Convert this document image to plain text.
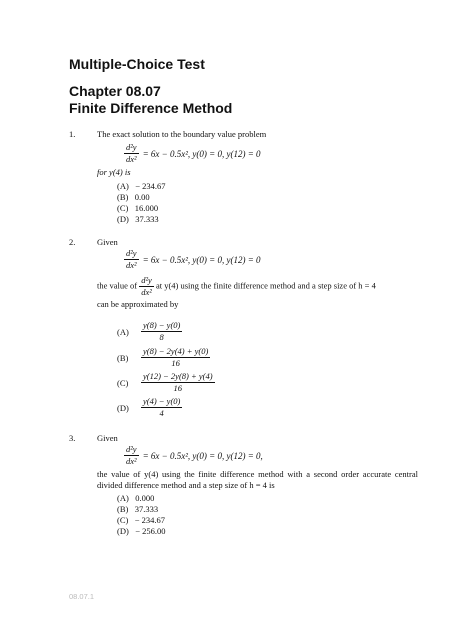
Multiple-Choice Test
Chapter 08.07
Finite Difference Method
1.	The exact solution to the boundary value problem
$\frac{\text{d²y}}{\text{dx²}} = 6x - 0.5x^2$, y(0) = 0, y(12) = 0
for y(4) is
(A) − 234.67
(B) 0.00
(C) 16.000
(D) 37.333
2.	Given
$\frac{\text{d²y}}{\text{dx²}} = 6x - 0.5x^2$, y(0) = 0, y(12) = 0
the value of $\frac{\text{d²y}}{\text{dx²}}$ at y(4) using the finite difference method and a step size of h = 4
can be approximated by
$(A) \frac{y(8) - y(0)}{8}$
$(B) \frac{y(8) - 2y(4) + y(0)}{16}$
$(C) \frac{y(12) - 2y(8) + y(4)}{16}$
$(D) \frac{y(4) - y(0)}{4}$
3.	Given
$\frac{\text{d²y}}{\text{dx²}} = 6x - 0.5x^2$, y(0) = 0, y(12) = 0,
the value of y(4) using the finite difference method with a second order accurate central divided difference method and a step size of h = 4 is
(A) 0.000
(B) 37.333
(C) − 234.67
(D) − 256.00
08.07.1
